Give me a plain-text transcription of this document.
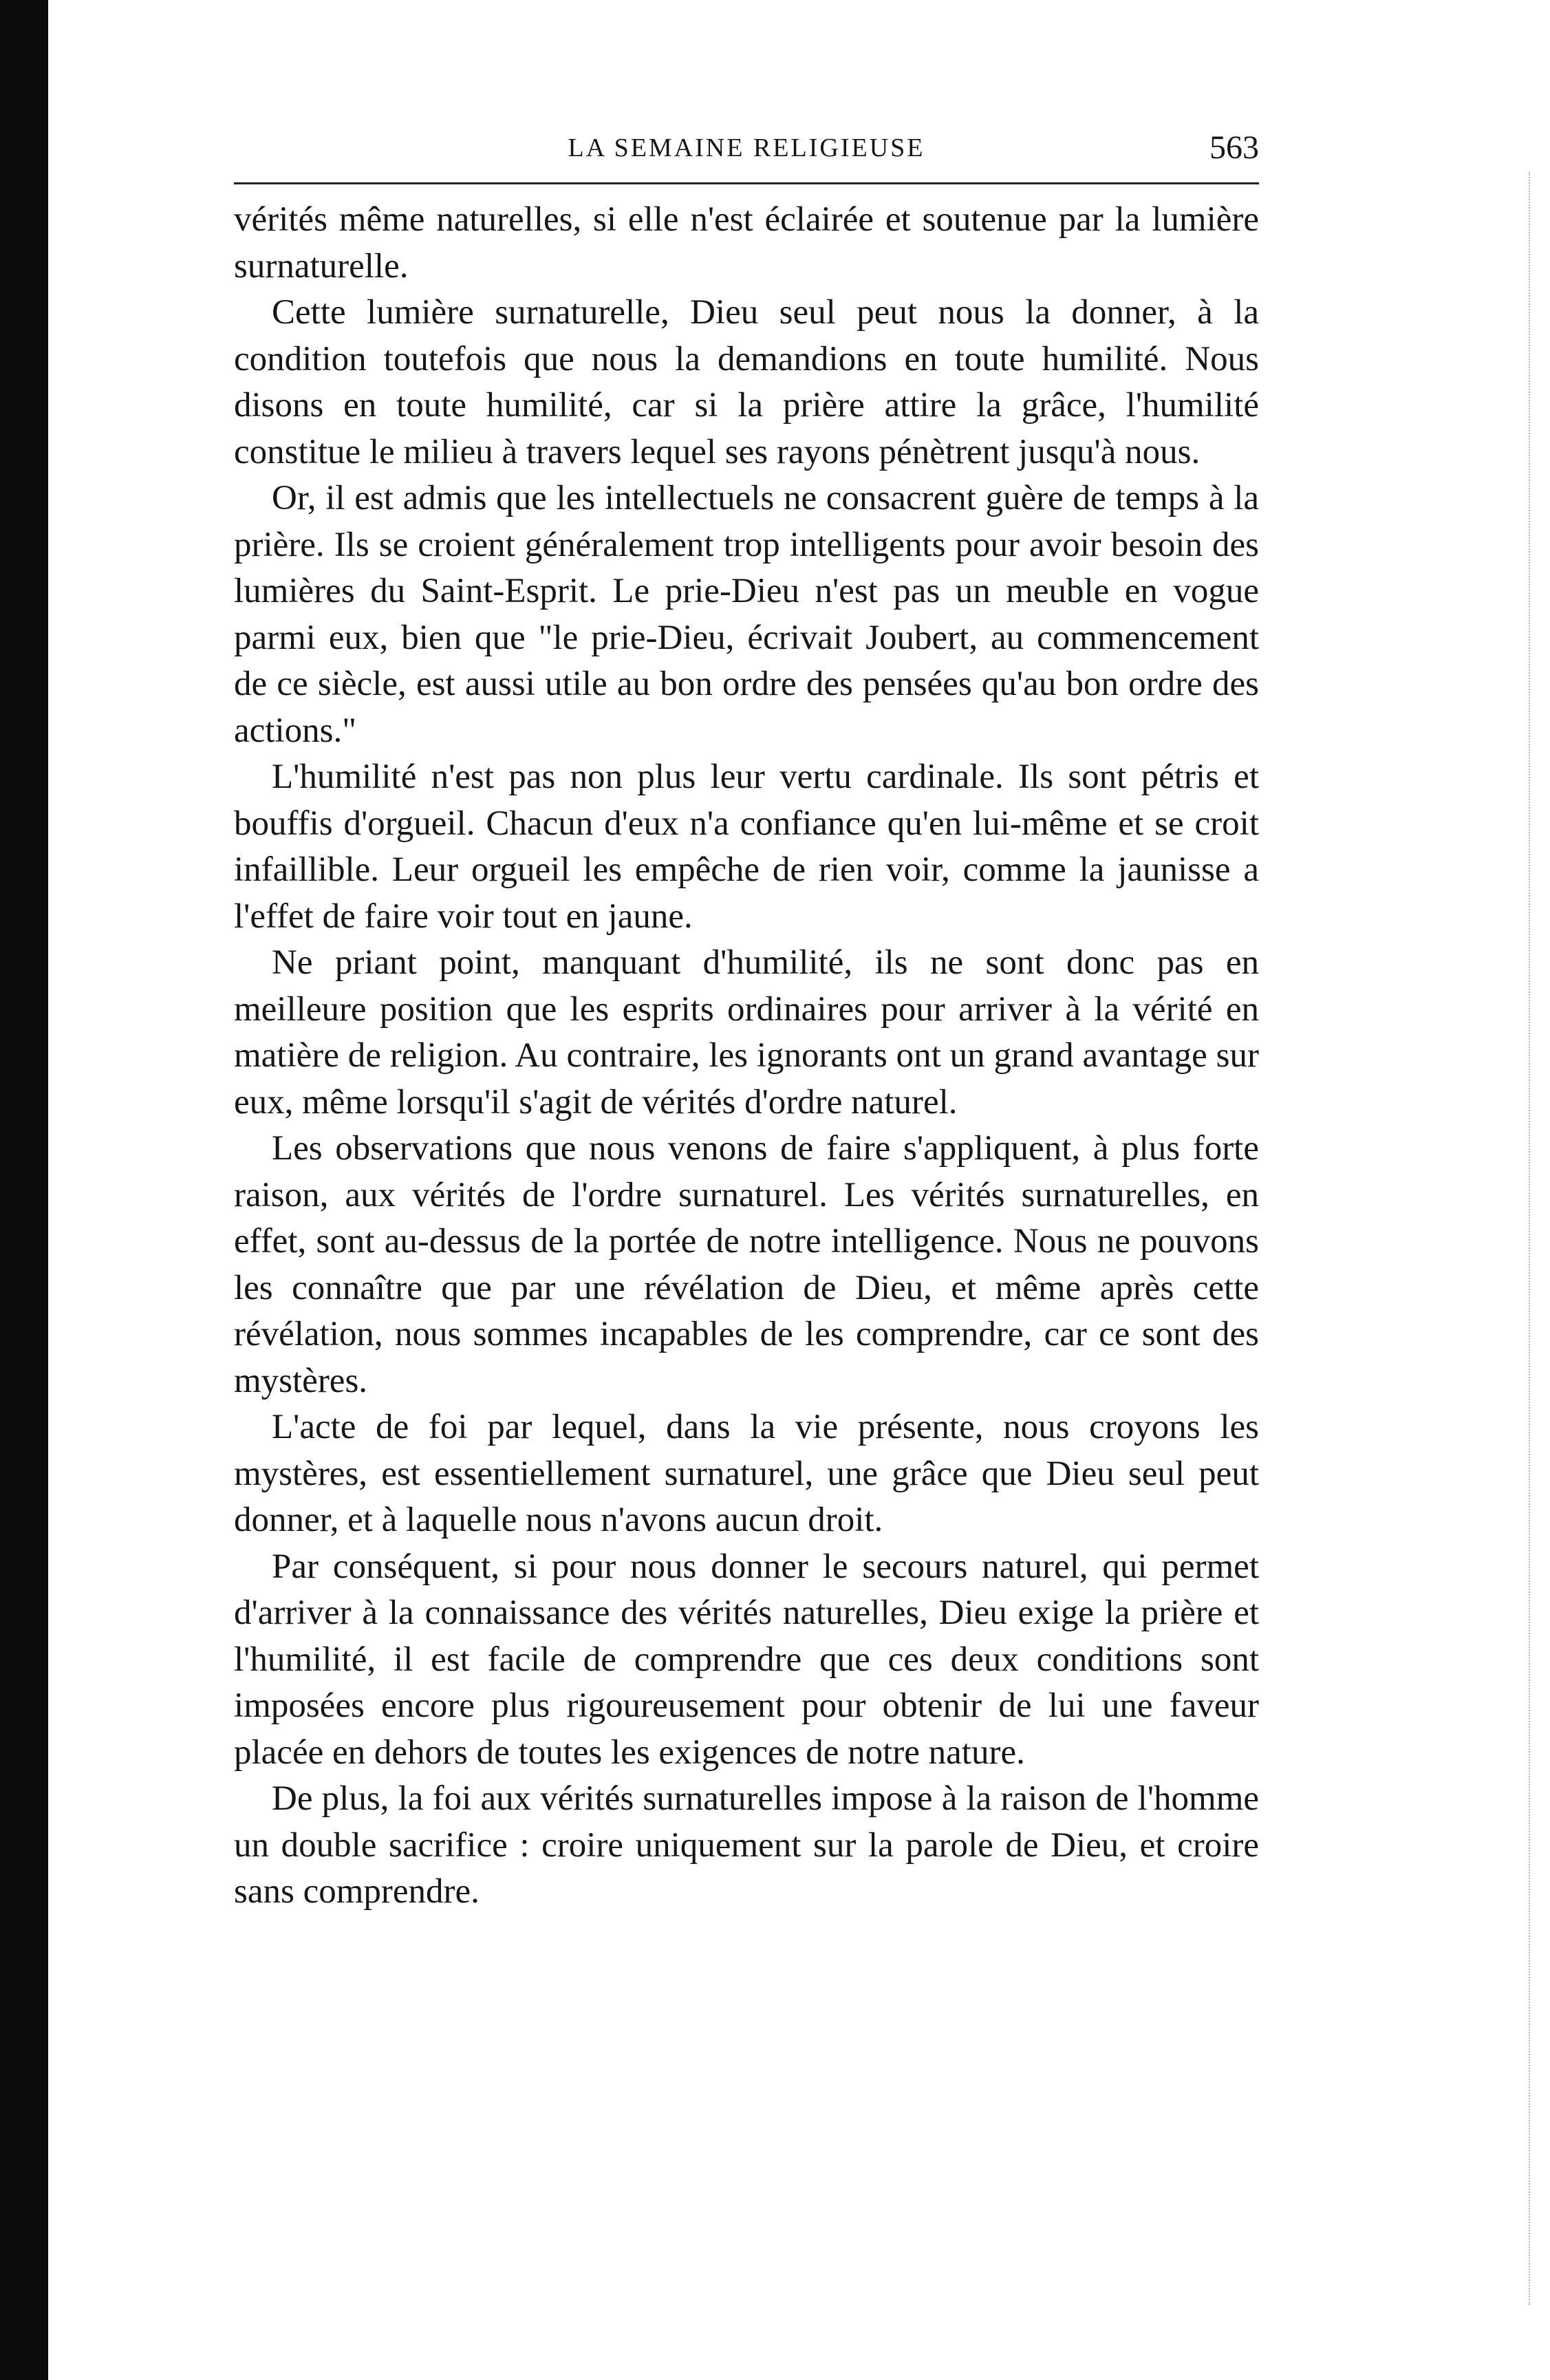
LA SEMAINE RELIGIEUSE	563

vérités même naturelles, si elle n'est éclairée et soutenue par la lumière surnaturelle.

Cette lumière surnaturelle, Dieu seul peut nous la donner, à la condition toutefois que nous la demandions en toute humilité. Nous disons en toute humilité, car si la prière attire la grâce, l'humilité constitue le milieu à travers lequel ses rayons pénètrent jusqu'à nous.

Or, il est admis que les intellectuels ne consacrent guère de temps à la prière. Ils se croient généralement trop intelligents pour avoir besoin des lumières du Saint-Esprit. Le prie-Dieu n'est pas un meuble en vogue parmi eux, bien que "le prie-Dieu, écrivait Joubert, au commencement de ce siècle, est aussi utile au bon ordre des pensées qu'au bon ordre des actions."

L'humilité n'est pas non plus leur vertu cardinale. Ils sont pétris et bouffis d'orgueil. Chacun d'eux n'a confiance qu'en lui-même et se croit infaillible. Leur orgueil les empêche de rien voir, comme la jaunisse a l'effet de faire voir tout en jaune.

Ne priant point, manquant d'humilité, ils ne sont donc pas en meilleure position que les esprits ordinaires pour arriver à la vérité en matière de religion. Au contraire, les ignorants ont un grand avantage sur eux, même lorsqu'il s'agit de vérités d'ordre naturel.

Les observations que nous venons de faire s'appliquent, à plus forte raison, aux vérités de l'ordre surnaturel. Les vérités surnaturelles, en effet, sont au-dessus de la portée de notre intelligence. Nous ne pouvons les connaître que par une révélation de Dieu, et même après cette révélation, nous sommes incapables de les comprendre, car ce sont des mystères.

L'acte de foi par lequel, dans la vie présente, nous croyons les mystères, est essentiellement surnaturel, une grâce que Dieu seul peut donner, et à laquelle nous n'avons aucun droit.

Par conséquent, si pour nous donner le secours naturel, qui permet d'arriver à la connaissance des vérités naturelles, Dieu exige la prière et l'humilité, il est facile de comprendre que ces deux conditions sont imposées encore plus rigoureusement pour obtenir de lui une faveur placée en dehors de toutes les exigences de notre nature.

De plus, la foi aux vérités surnaturelles impose à la raison de l'homme un double sacrifice : croire uniquement sur la parole de Dieu, et croire sans comprendre.
